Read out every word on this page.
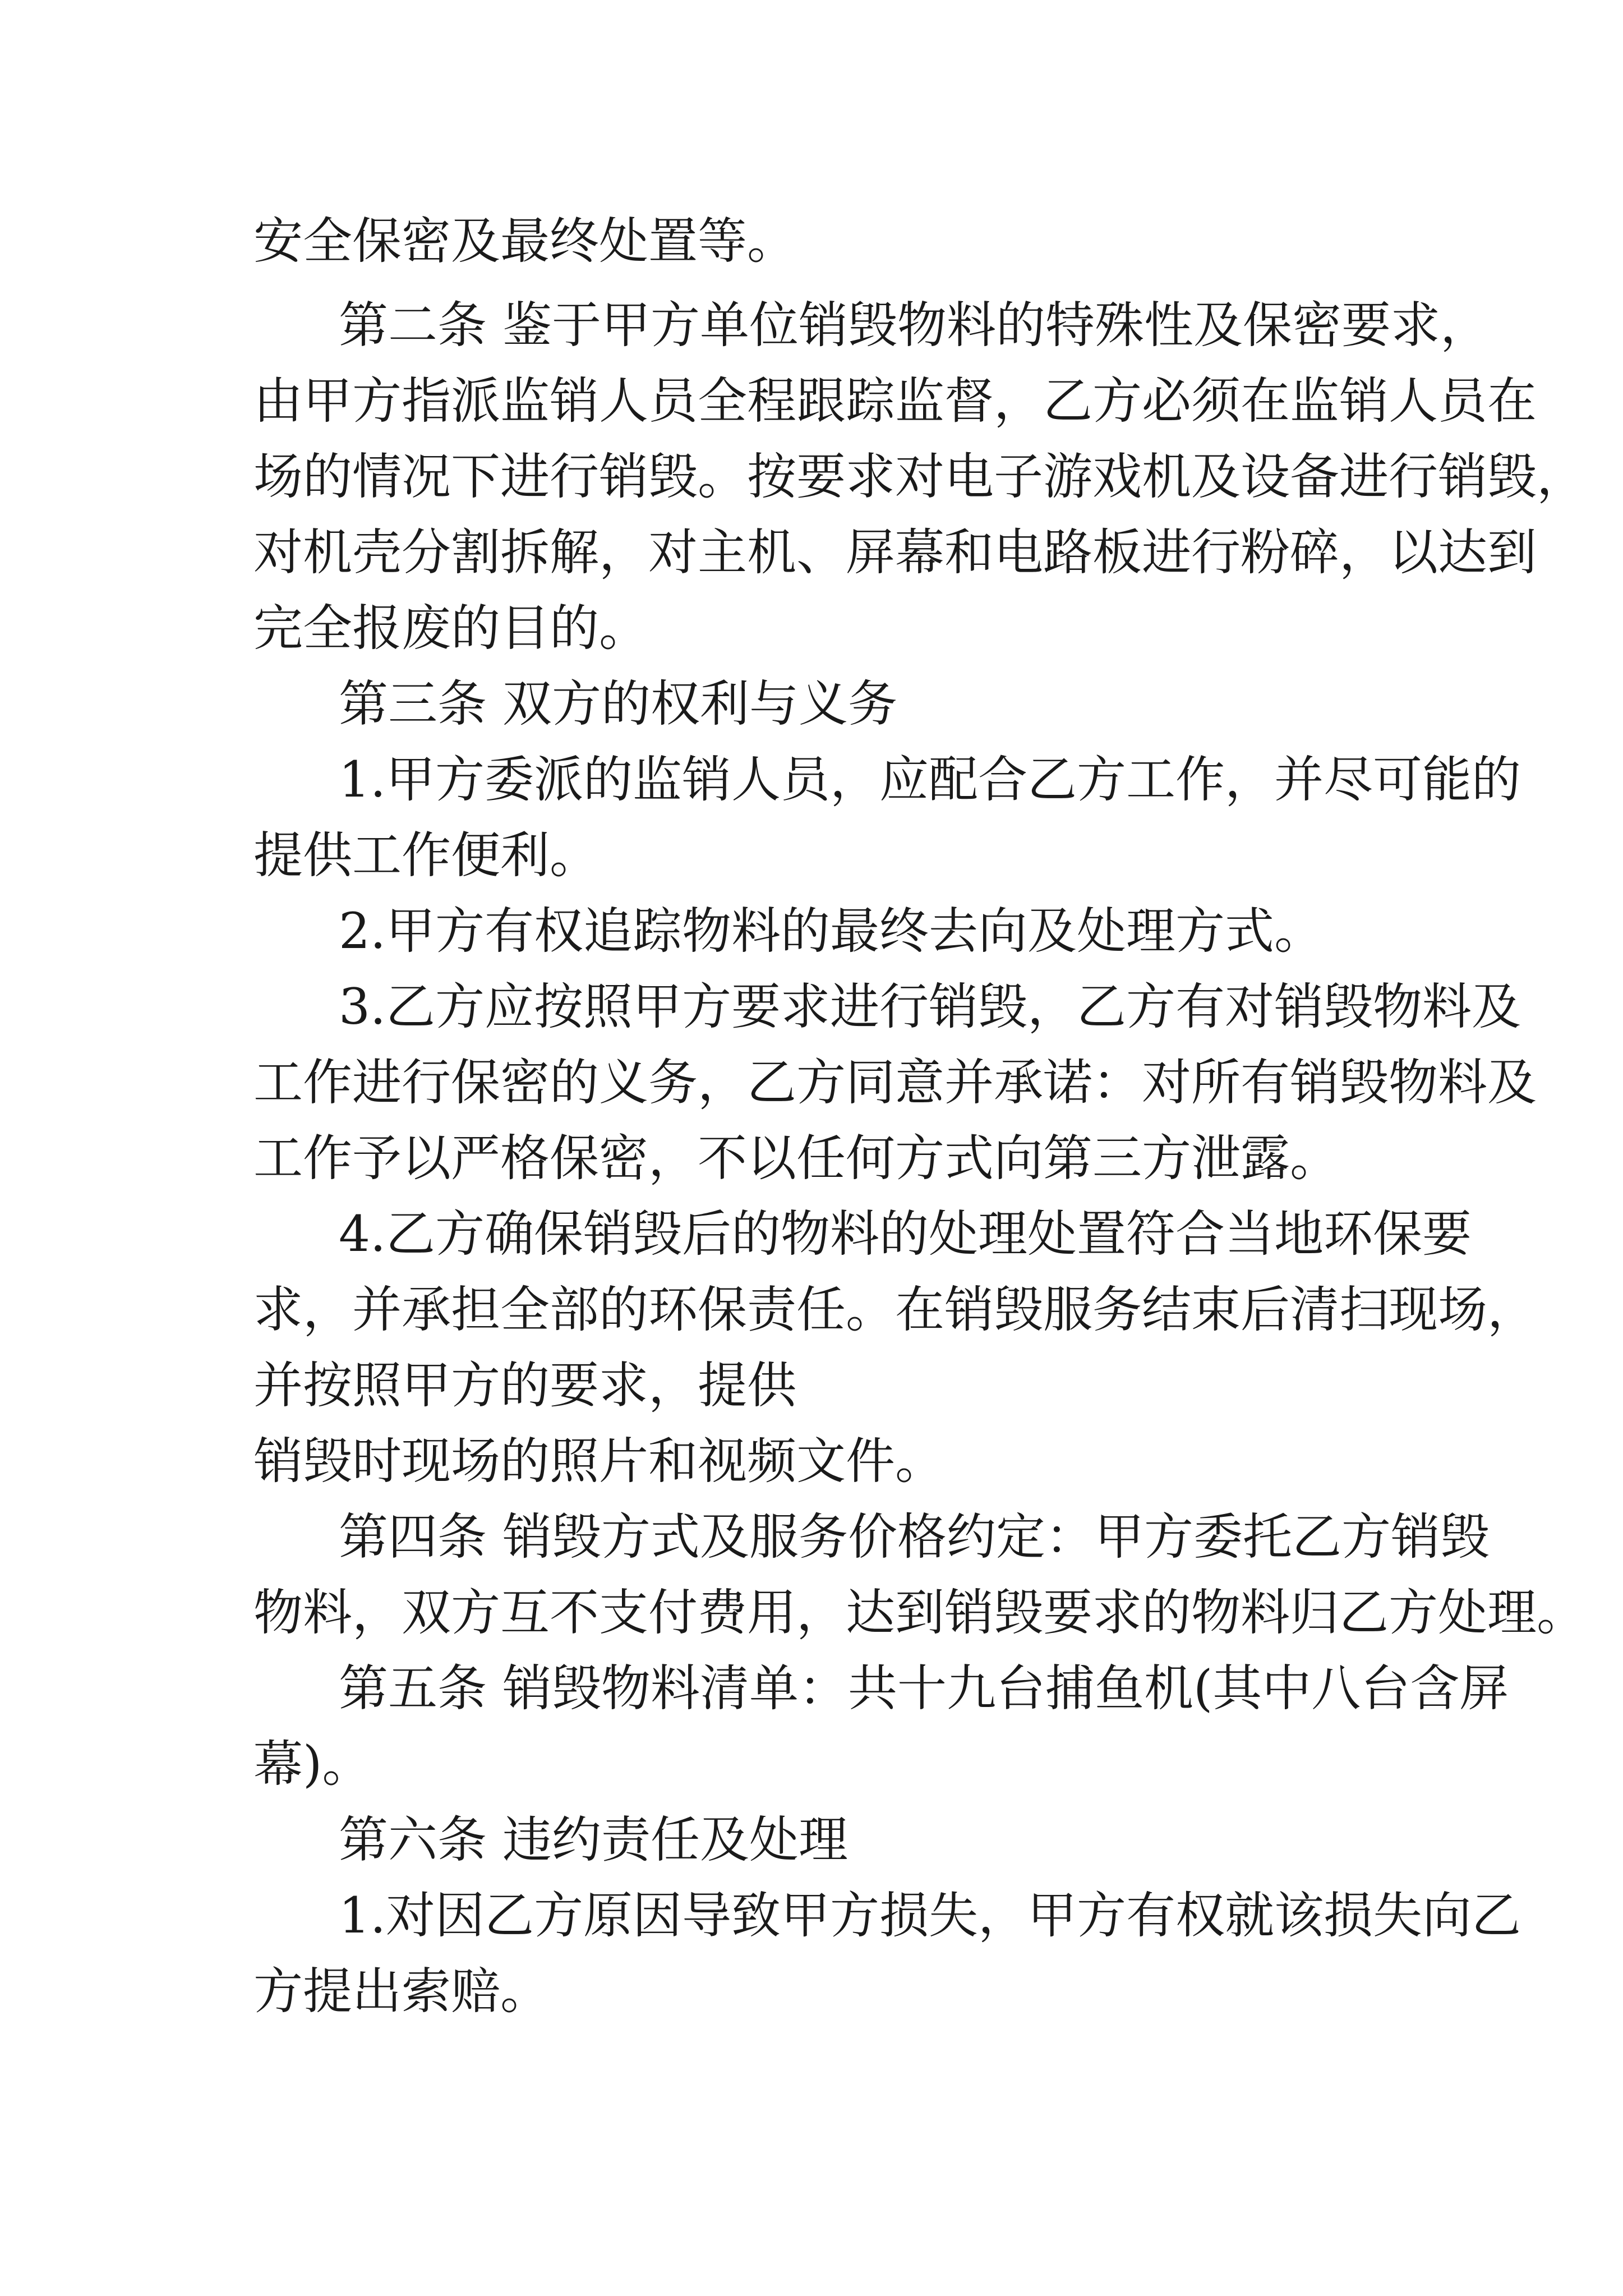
安全保密及最终处置等。

第二条 鉴于甲方单位销毁物料的特殊性及保密要求，

由甲方指派监销人员全程跟踪监督，乙方必须在监销人员在

场的情况下进行销毁。按要求对电子游戏机及设备进行销毁，

对机壳分割拆解，对主机、屏幕和电路板进行粉碎，以达到

完全报废的目的。

第三条 双方的权利与义务

1.甲方委派的监销人员，应配合乙方工作，并尽可能的

提供工作便利。

2.甲方有权追踪物料的最终去向及处理方式。

3.乙方应按照甲方要求进行销毁，乙方有对销毁物料及

工作进行保密的义务，乙方同意并承诺：对所有销毁物料及

工作予以严格保密，不以任何方式向第三方泄露。

4.乙方确保销毁后的物料的处理处置符合当地环保要

求，并承担全部的环保责任。在销毁服务结束后清扫现场，

并按照甲方的要求，提供

销毁时现场的照片和视频文件。

第四条 销毁方式及服务价格约定：甲方委托乙方销毁

物料，双方互不支付费用，达到销毁要求的物料归乙方处理。

第五条 销毁物料清单：共十九台捕鱼机(其中八台含屏

幕)。

第六条 违约责任及处理

1.对因乙方原因导致甲方损失，甲方有权就该损失向乙

方提出索赔。
